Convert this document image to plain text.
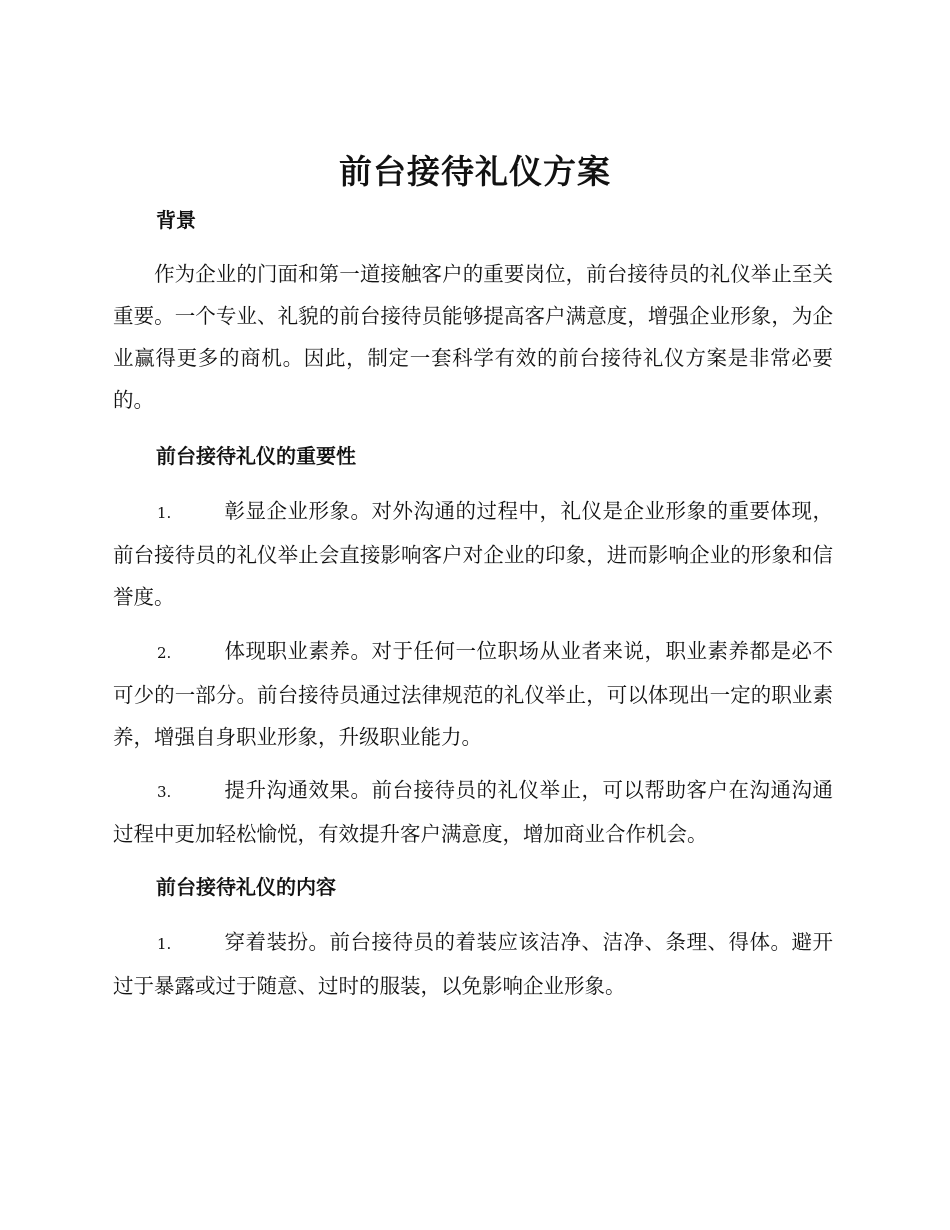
前台接待礼仪方案
背景

作为企业的门面和第一道接触客户的重要岗位，前台接待员的礼仪举止至关重要。一个专业、礼貌的前台接待员能够提高客户满意度，增强企业形象，为企业赢得更多的商机。因此，制定一套科学有效的前台接待礼仪方案是非常必要的。

前台接待礼仪的重要性

1.	彰显企业形象。对外沟通的过程中，礼仪是企业形象的重要体现，前台接待员的礼仪举止会直接影响客户对企业的印象，进而影响企业的形象和信誉度。

2.	体现职业素养。对于任何一位职场从业者来说，职业素养都是必不可少的一部分。前台接待员通过法律规范的礼仪举止，可以体现出一定的职业素养，增强自身职业形象，升级职业能力。

3.	提升沟通效果。前台接待员的礼仪举止，可以帮助客户在沟通沟通过程中更加轻松愉悦，有效提升客户满意度，增加商业合作机会。

前台接待礼仪的内容

1.	穿着装扮。前台接待员的着装应该洁净、洁净、条理、得体。避开过于暴露或过于随意、过时的服装，以免影响企业形象。
